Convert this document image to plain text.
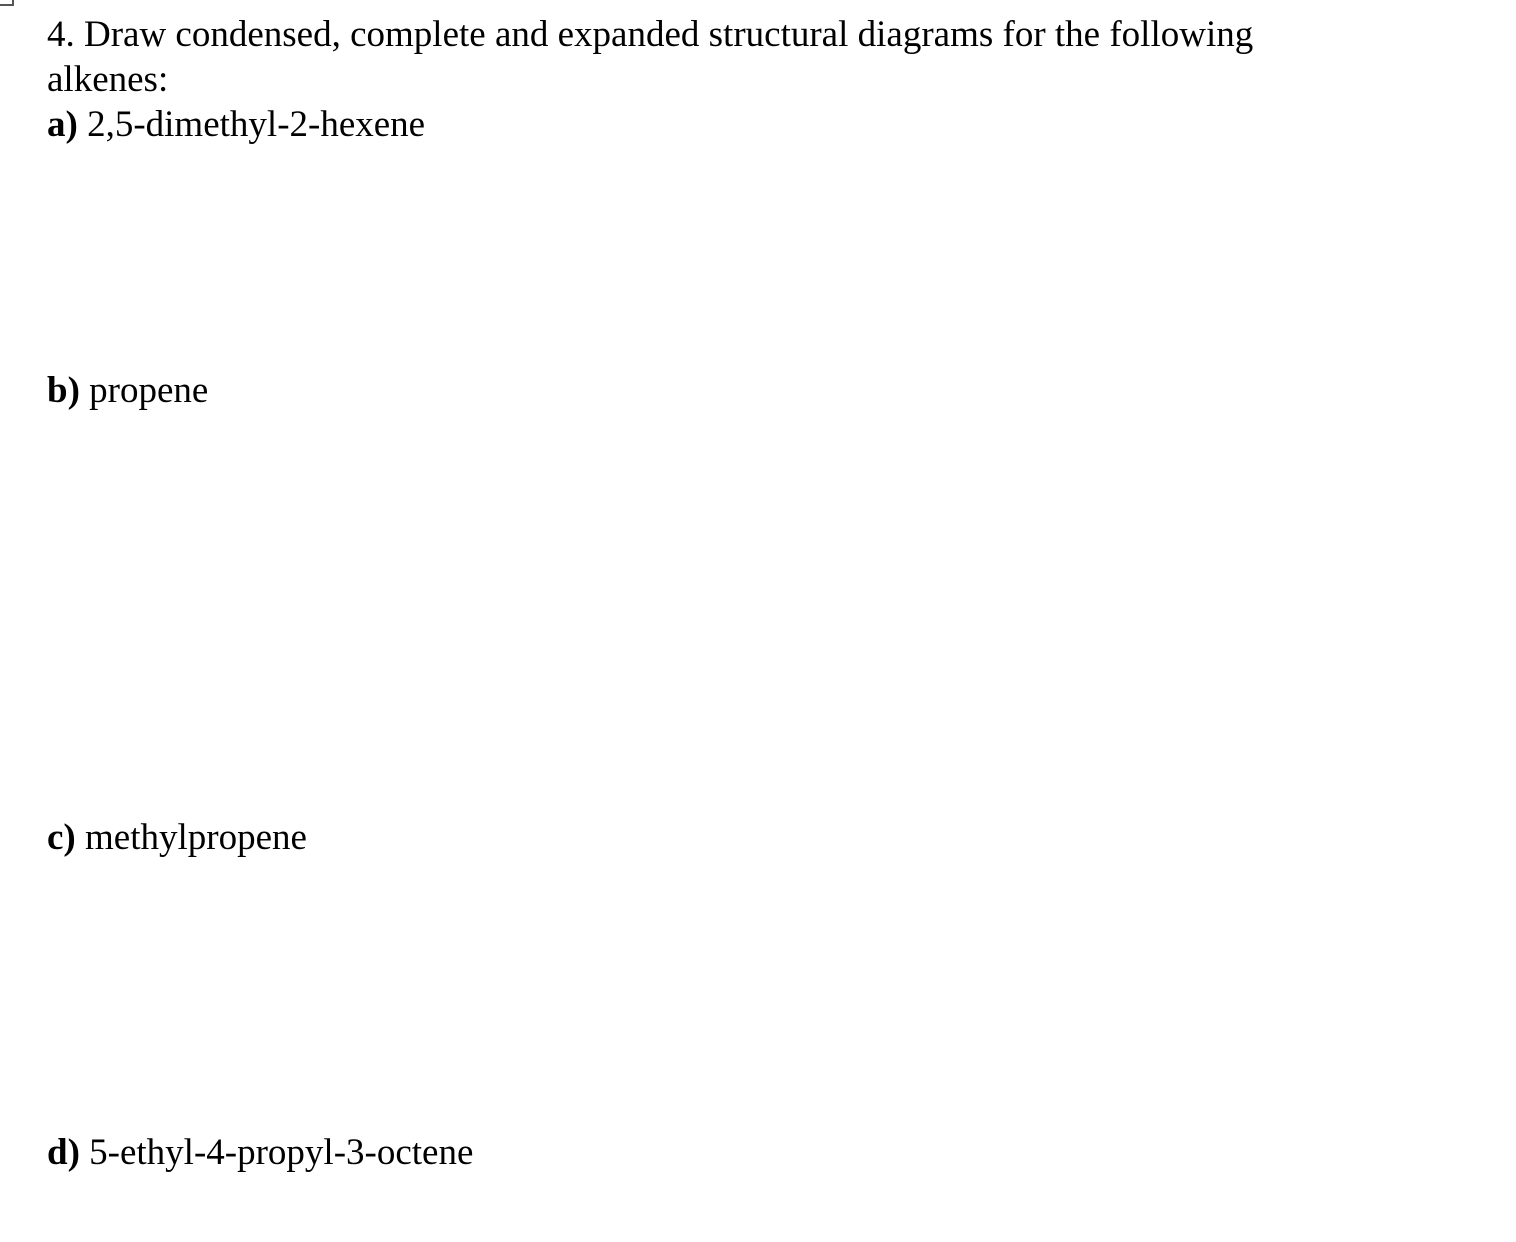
4. Draw condensed, complete and expanded structural diagrams for the following alkenes:
a) 2,5-dimethyl-2-hexene
b) propene
c) methylpropene
d) 5-ethyl-4-propyl-3-octene
